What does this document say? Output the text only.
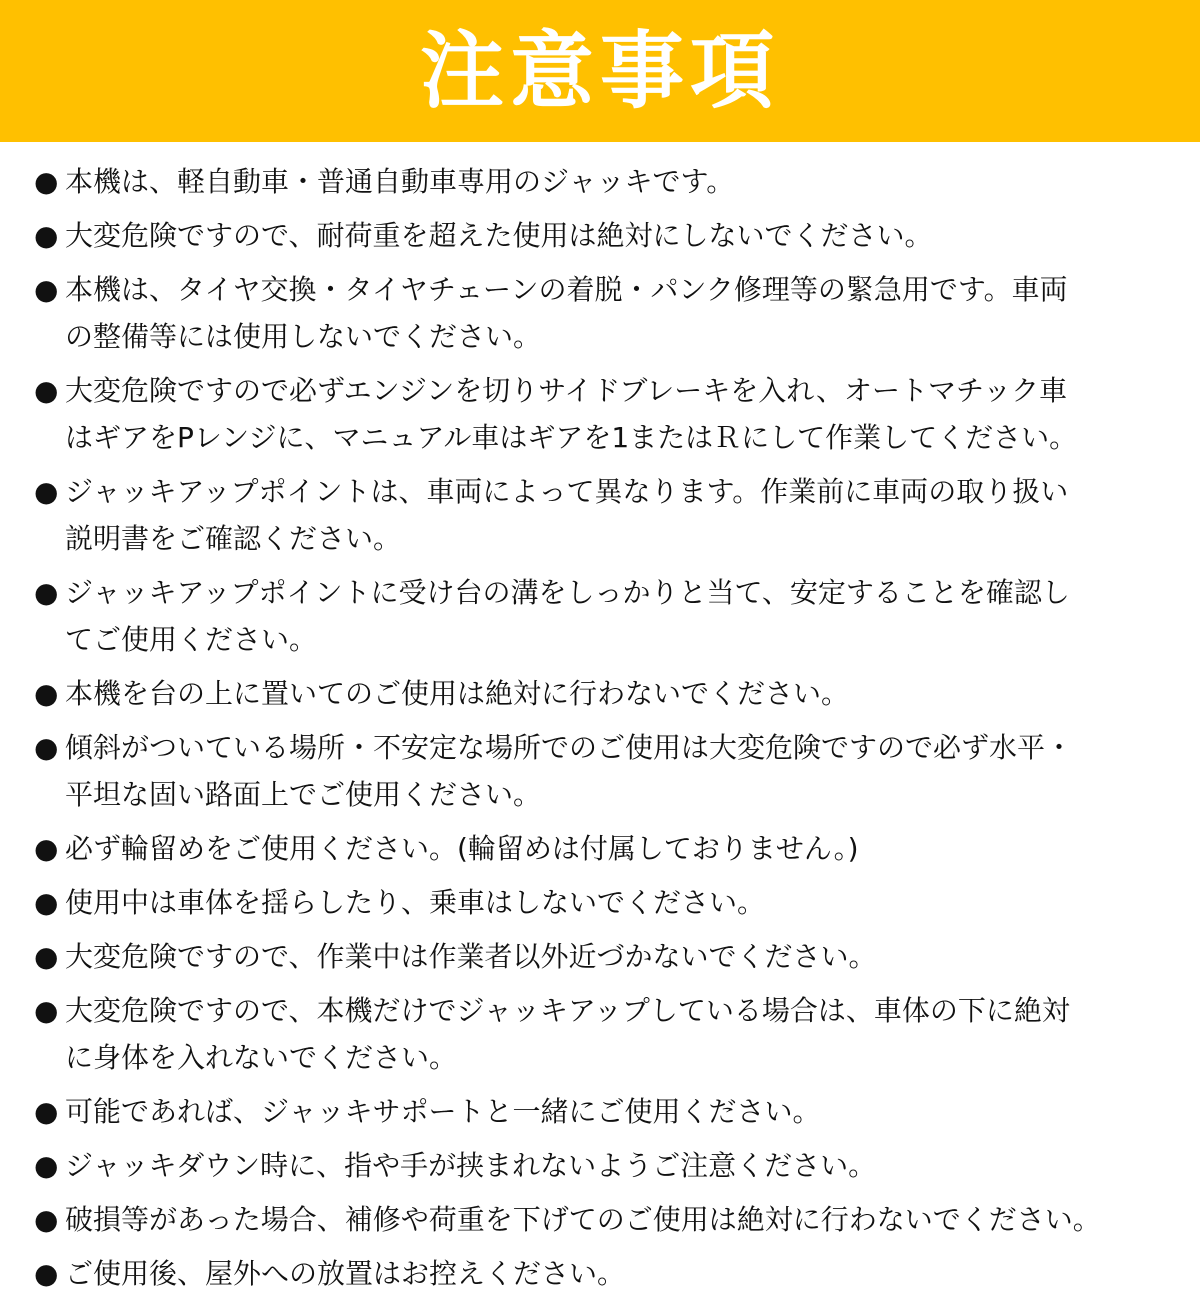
注意事項
● 本機は、軽自動車・普通自動車専用のジャッキです。
● 大変危険ですので、耐荷重を超えた使用は絶対にしないでください。
● 本機は、タイヤ交換・タイヤチェーンの着脱・パンク修理等の緊急用です。車両
の整備等には使用しないでください。
● 大変危険ですので必ずエンジンを切りサイドブレーキを入れ、オートマチック車
はギアをPレンジに、マニュアル車はギアを1またはＲにして作業してください。
● ジャッキアップポイントは、車両によって異なります。作業前に車両の取り扱い
説明書をご確認ください。
● ジャッキアップポイントに受け台の溝をしっかりと当て、安定することを確認し
てご使用ください。
● 本機を台の上に置いてのご使用は絶対に行わないでください。
● 傾斜がついている場所・不安定な場所でのご使用は大変危険ですので必ず水平・
平坦な固い路面上でご使用ください。
● 必ず輪留めをご使用ください。(輪留めは付属しておりません。)
● 使用中は車体を揺らしたり、乗車はしないでください。
● 大変危険ですので、作業中は作業者以外近づかないでください。
● 大変危険ですので、本機だけでジャッキアップしている場合は、車体の下に絶対
に身体を入れないでください。
● 可能であれば、ジャッキサポートと一緒にご使用ください。
● ジャッキダウン時に、指や手が挟まれないようご注意ください。
● 破損等があった場合、補修や荷重を下げてのご使用は絶対に行わないでください。
● ご使用後、屋外への放置はお控えください。
